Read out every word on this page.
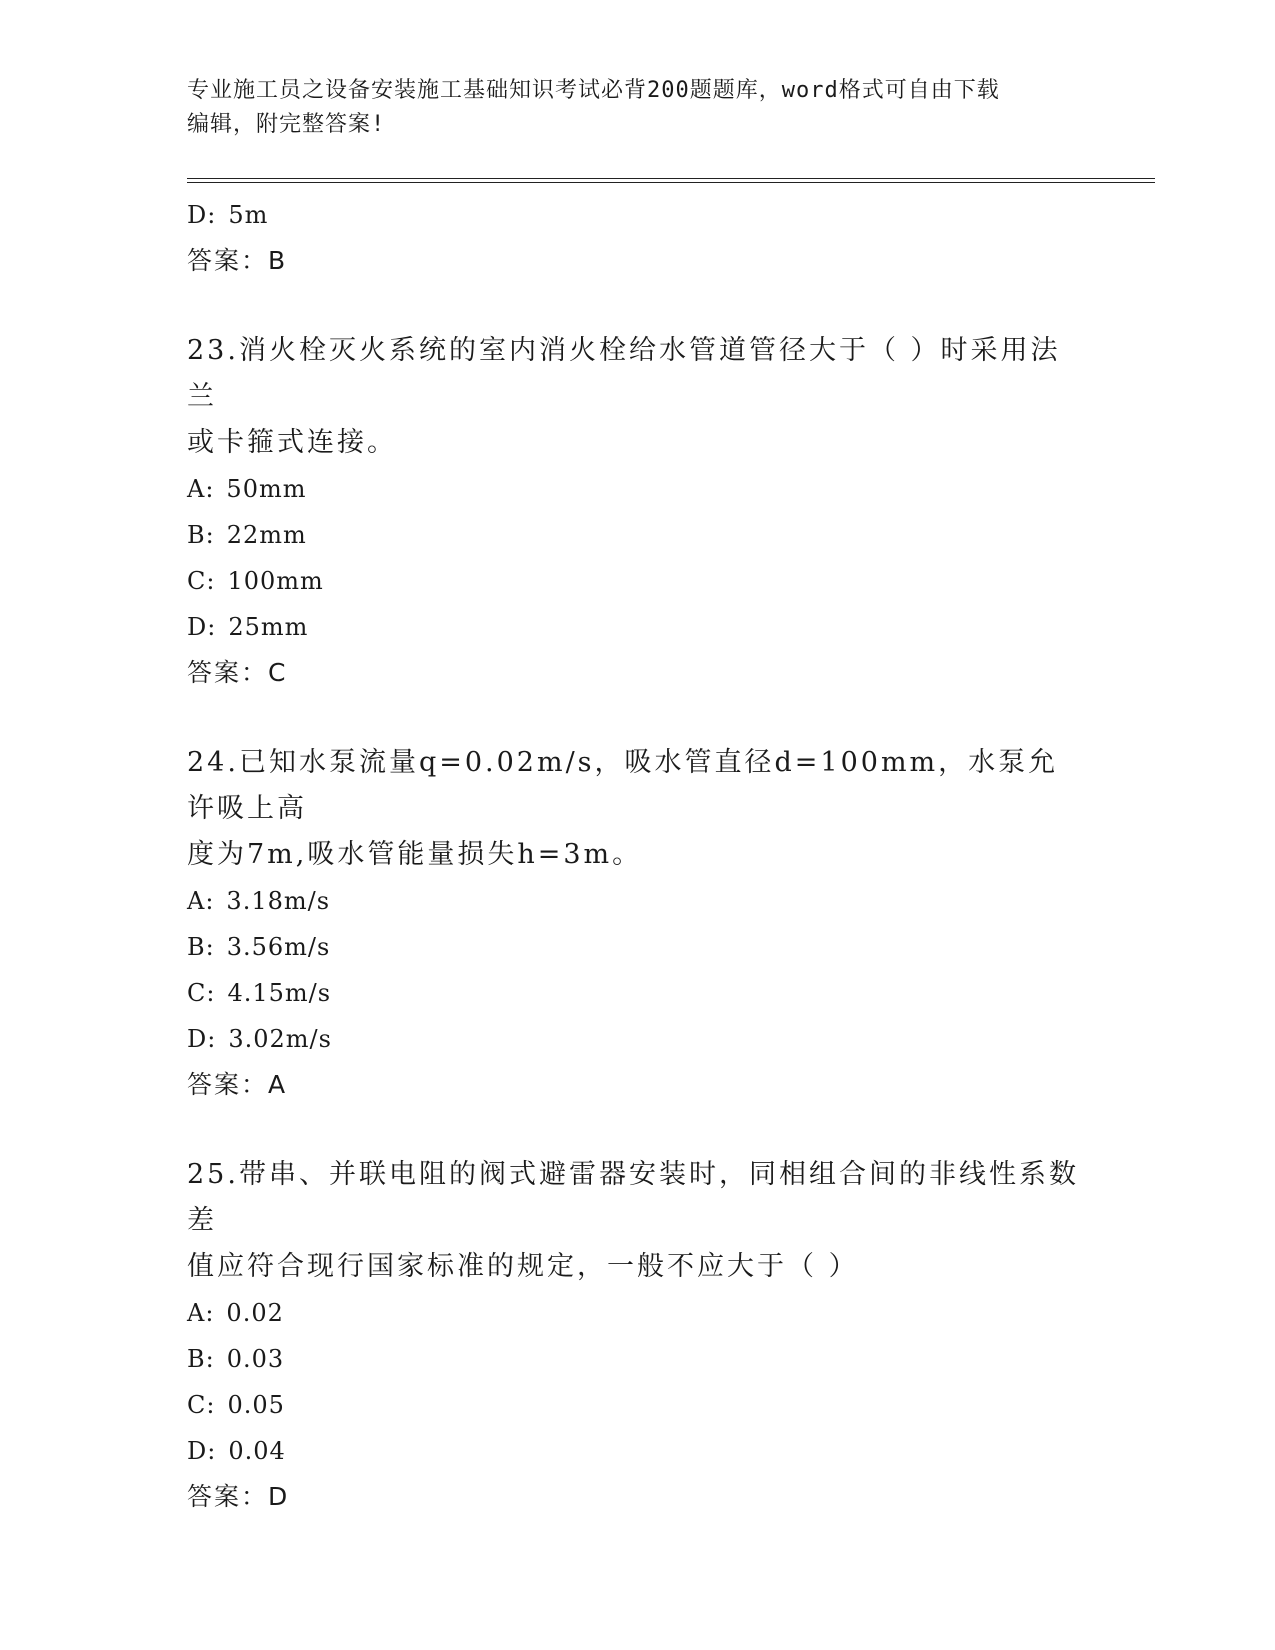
专业施工员之设备安装施工基础知识考试必背200题题库，word格式可自由下载
编辑，附完整答案!
D: 5m
答案：B
23.消火栓灭火系统的室内消火栓给水管道管径大于（ ）时采用法兰
或卡箍式连接。
A: 50mm
B: 22mm
C: 100mm
D: 25mm
答案：C
24.已知水泵流量q=0.02m/s，吸水管直径d=100mm，水泵允许吸上高
度为7m,吸水管能量损失h=3m。
A: 3.18m/s
B: 3.56m/s
C: 4.15m/s
D: 3.02m/s
答案：A
25.带串、并联电阻的阀式避雷器安装时，同相组合间的非线性系数差
值应符合现行国家标准的规定，一般不应大于（ ）
A: 0.02
B: 0.03
C: 0.05
D: 0.04
答案：D
